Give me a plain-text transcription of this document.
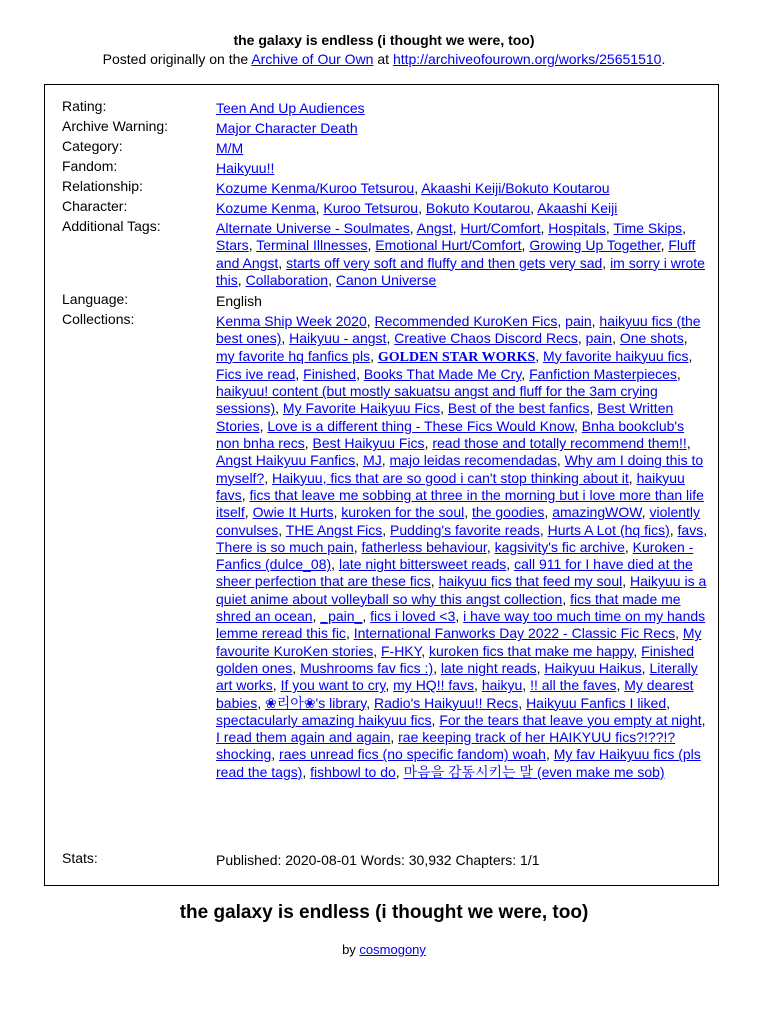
the galaxy is endless (i thought we were, too)
Posted originally on the Archive of Our Own at http://archiveofourown.org/works/25651510.
Rating:
Archive Warning:
Category:
Fandom:
Relationship:
Character:
Additional Tags:
Language:
Collections:
Stats:
Teen And Up Audiences
Major Character Death
M/M
Haikyuu!!
Kozume Kenma/Kuroo Tetsurou, Akaashi Keiji/Bokuto Koutarou
Kozume Kenma, Kuroo Tetsurou, Bokuto Koutarou, Akaashi Keiji
Alternate Universe - Soulmates, Angst, Hurt/Comfort, Hospitals, Time Skips, Stars, Terminal Illnesses, Emotional Hurt/Comfort, Growing Up Together, Fluff and Angst, starts off very soft and fluffy and then gets very sad, im sorry i wrote this, Collaboration, Canon Universe
English
Kenma Ship Week 2020, Recommended KuroKen Fics, pain, haikyuu fics (the best ones), Haikyuu - angst, Creative Chaos Discord Recs, pain, One shots, my favorite hq fanfics pls, GOLDEN STAR WORKS, My favorite haikyuu fics, Fics ive read, Finished, Books That Made Me Cry, Fanfiction Masterpieces, haikyuu! content (but mostly sakuatsu angst and fluff for the 3am crying sessions), My Favorite Haikyuu Fics, Best of the best fanfics, Best Written Stories, Love is a different thing - These Fics Would Know, Bnha bookclub's non bnha recs, Best Haikyuu Fics, read those and totally recommend them!!, Angst Haikyuu Fanfics, MJ, majo leidas recomendadas, Why am I doing this to myself?, Haikyuu, fics that are so good i can't stop thinking about it, haikyuu favs, fics that leave me sobbing at three in the morning but i love more than life itself, Owie It Hurts, kuroken for the soul, the goodies, amazingWOW, violently convulses, THE Angst Fics, Pudding's favorite reads, Hurts A Lot (hq fics), favs, There is so much pain, fatherless behaviour, kagsivity's fic archive, Kuroken - Fanfics (dulce_08), late night bittersweet reads, call 911 for I have died at the sheer perfection that are these fics, haikyuu fics that feed my soul, Haikyuu is a quiet anime about volleyball so why this angst collection, fics that made me shred an ocean, _pain_, fics i loved <3, i have way too much time on my hands lemme reread this fic, International Fanworks Day 2022 - Classic Fic Recs, My favourite KuroKen stories, F-HKY, kuroken fics that make me happy, Finished golden ones, Mushrooms fav fics :), late night reads, Haikyuu Haikus, Literally art works, If you want to cry, my HQ!! favs, haikyu, !! all the faves, My dearest babies, ❀리아❀'s library, Radio's Haikyuu!! Recs, Haikyuu Fanfics I liked, spectacularly amazing haikyuu fics, For the tears that leave you empty at night, I read them again and again, rae keeping track of her HAIKYUU fics?!??!? shocking, raes unread fics (no specific fandom) woah, My fav Haikyuu fics (pls read the tags), fishbowl to do, 마음을 감동시키는 말 (even make me sob)
Published: 2020-08-01 Words: 30,932 Chapters: 1/1
the galaxy is endless (i thought we were, too)
by cosmogony
